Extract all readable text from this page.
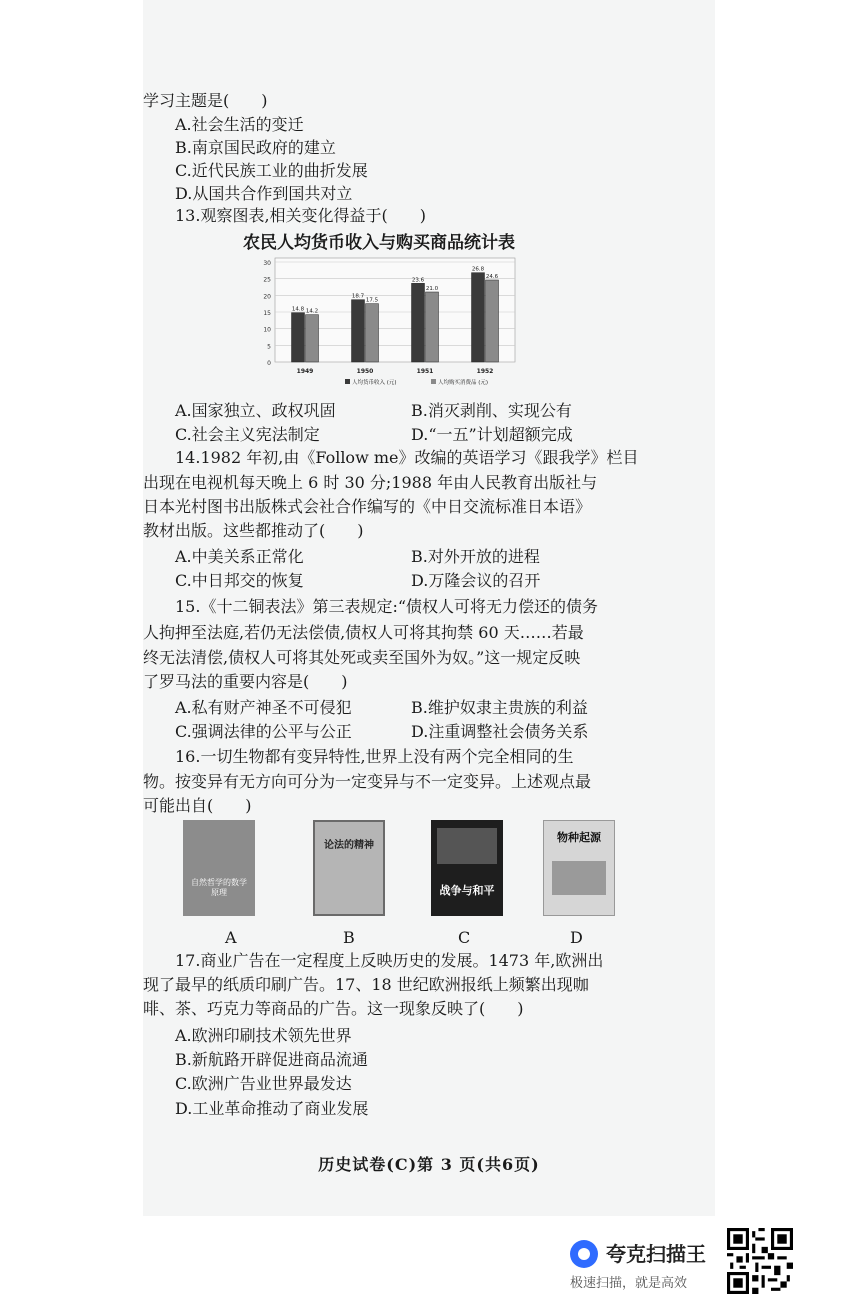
学习主题是(　　)
A.社会生活的变迁
B.南京国民政府的建立
C.近代民族工业的曲折发展
D.从国共合作到国共对立
13.观察图表,相关变化得益于(　　)
农民人均货币收入与购买商品统计表
0
5
10
15
20
25
30
14.8 14.2
1949
18.7
17.5
1950
23.6
21.0
1951
26.8
24.6
1952
人均货币收入 (元)	人均购买消费品 (元)
A.国家独立、政权巩固	B.消灭剥削、实现公有
C.社会主义宪法制定	D.“一五”计划超额完成
14.1982 年初,由《Follow me》改编的英语学习《跟我学》栏目
出现在电视机每天晚上 6 时 30 分;1988 年由人民教育出版社与
日本光村图书出版株式会社合作编写的《中日交流标准日本语》
教材出版。这些都推动了(　　)
A.中美关系正常化	B.对外开放的进程
C.中日邦交的恢复	D.万隆会议的召开
15.《十二铜表法》第三表规定:“债权人可将无力偿还的债务
人拘押至法庭,若仍无法偿债,债权人可将其拘禁 60 天……若最
终无法清偿,债权人可将其处死或卖至国外为奴。”这一规定反映
了罗马法的重要内容是(　　)
A.私有财产神圣不可侵犯	B.维护奴隶主贵族的利益
C.强调法律的公平与公正	D.注重调整社会债务关系
16.一切生物都有变异特性,世界上没有两个完全相同的生
物。按变异有无方向可分为一定变异与不一定变异。上述观点最
可能出自(　　)
自然哲学的数学原理
论法的精神
战争与和平
物种起源
A	B	C	D
17.商业广告在一定程度上反映历史的发展。1473 年,欧洲出
现了最早的纸质印刷广告。17、18 世纪欧洲报纸上频繁出现咖
啡、茶、巧克力等商品的广告。这一现象反映了(　　)
A.欧洲印刷技术领先世界
B.新航路开辟促进商品流通
C.欧洲广告业世界最发达
D.工业革命推动了商业发展
历史试卷(C)第 3 页(共6页)
夸克扫描王
极速扫描，就是高效
